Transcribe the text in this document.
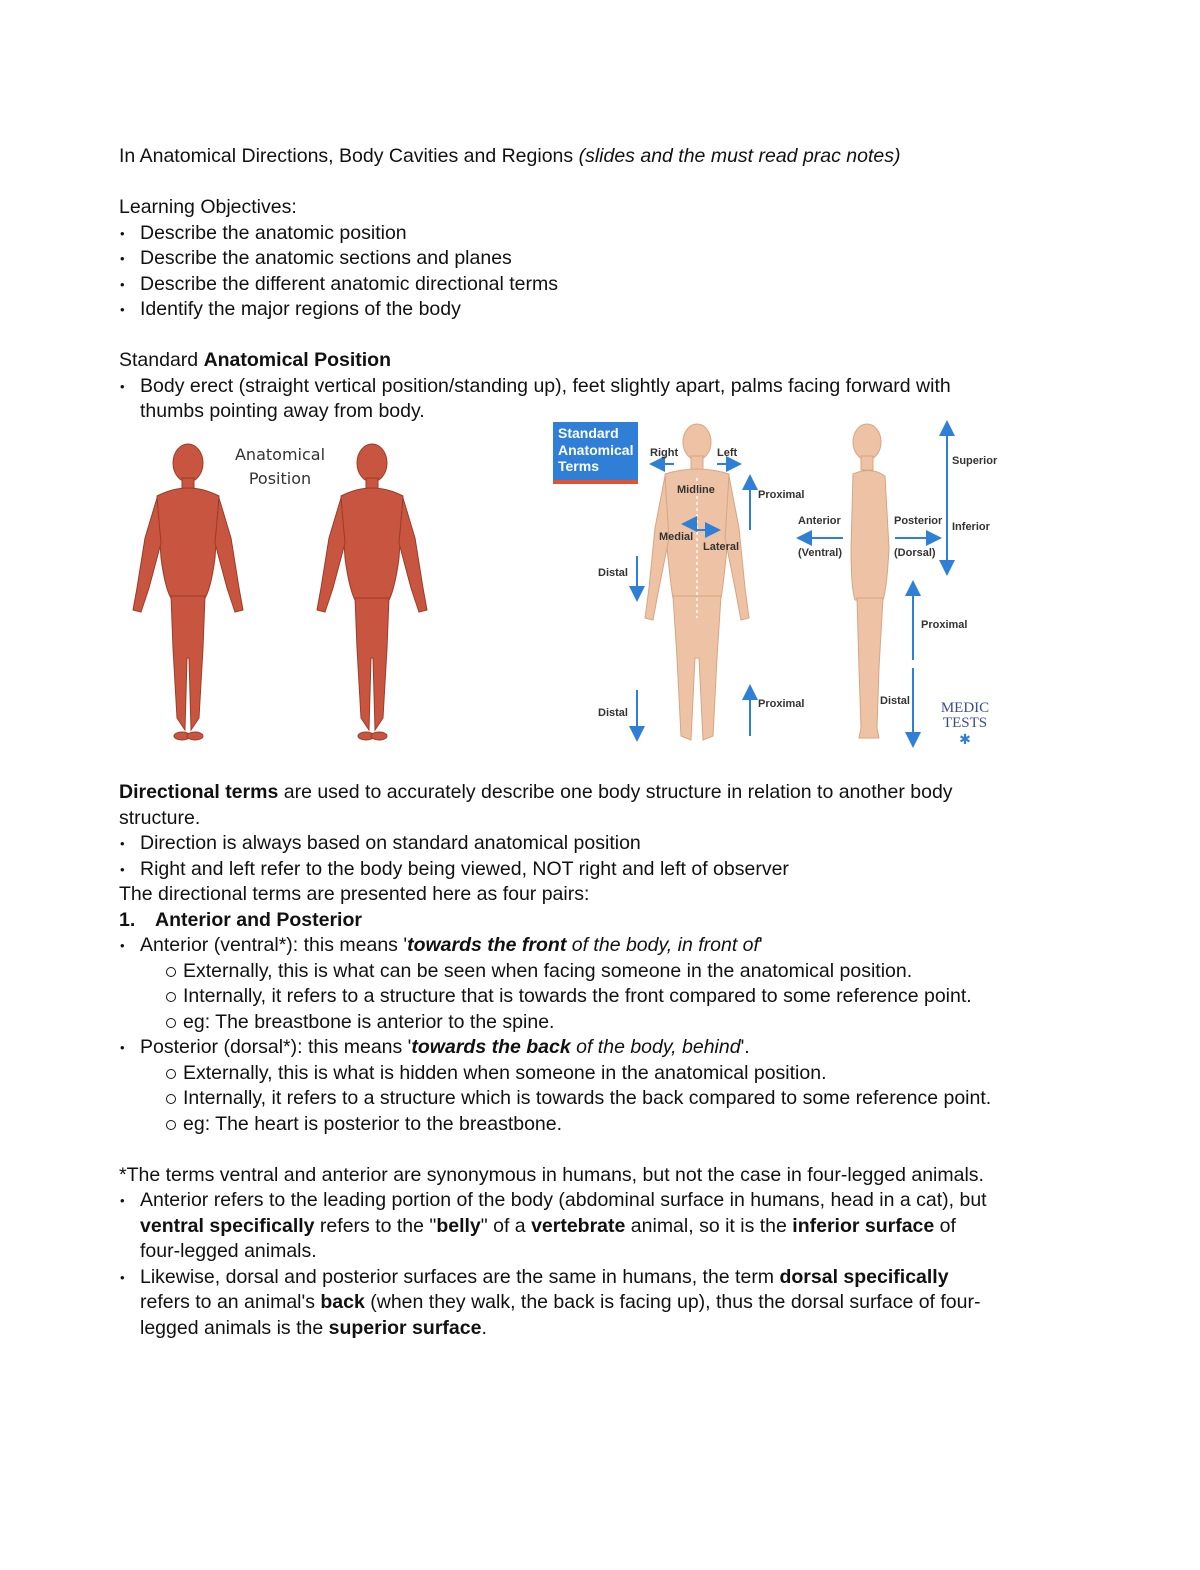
In Anatomical Directions, Body Cavities and Regions (slides and the must read prac notes)
Learning Objectives:
• Describe the anatomic position
• Describe the anatomic sections and planes
• Describe the different anatomic directional terms
• Identify the major regions of the body
Standard Anatomical Position
• Body erect (straight vertical position/standing up), feet slightly apart, palms facing forward with
thumbs pointing away from body.
Directional terms are used to accurately describe one body structure in relation to another body
structure.
• Direction is always based on standard anatomical position
• Right and left refer to the body being viewed, NOT right and left of observer
The directional terms are presented here as four pairs:
1. Anterior and Posterior
• Anterior (ventral*): this means 'towards the front of the body, in front of'
Externally, this is what can be seen when facing someone in the anatomical position.
Internally, it refers to a structure that is towards the front compared to some reference point.
eg: The breastbone is anterior to the spine.
• Posterior (dorsal*): this means 'towards the back of the body, behind'.
Externally, this is what is hidden when someone in the anatomical position.
Internally, it refers to a structure which is towards the back compared to some reference point.
eg: The heart is posterior to the breastbone.
*The terms ventral and anterior are synonymous in humans, but not the case in four-legged animals.
• Anterior refers to the leading portion of the body (abdominal surface in humans, head in a cat), but
ventral specifically refers to the "belly" of a vertebrate animal, so it is the inferior surface of
four-legged animals.
• Likewise, dorsal and posterior surfaces are the same in humans, the term dorsal specifically
refers to an animal's back (when they walk, the back is facing up), thus the dorsal surface of four-
legged animals is the superior surface.
Anatomical
Position
Standard
Anatomical
Terms
Right	Left
Midline	Proximal
Medial
Lateral
Distal
Distal
Proximal
Anterior
(Ventral)
Posterior
(Dorsal)
Superior
Inferior
Proximal
Distal MEDIC
TESTS
✱
